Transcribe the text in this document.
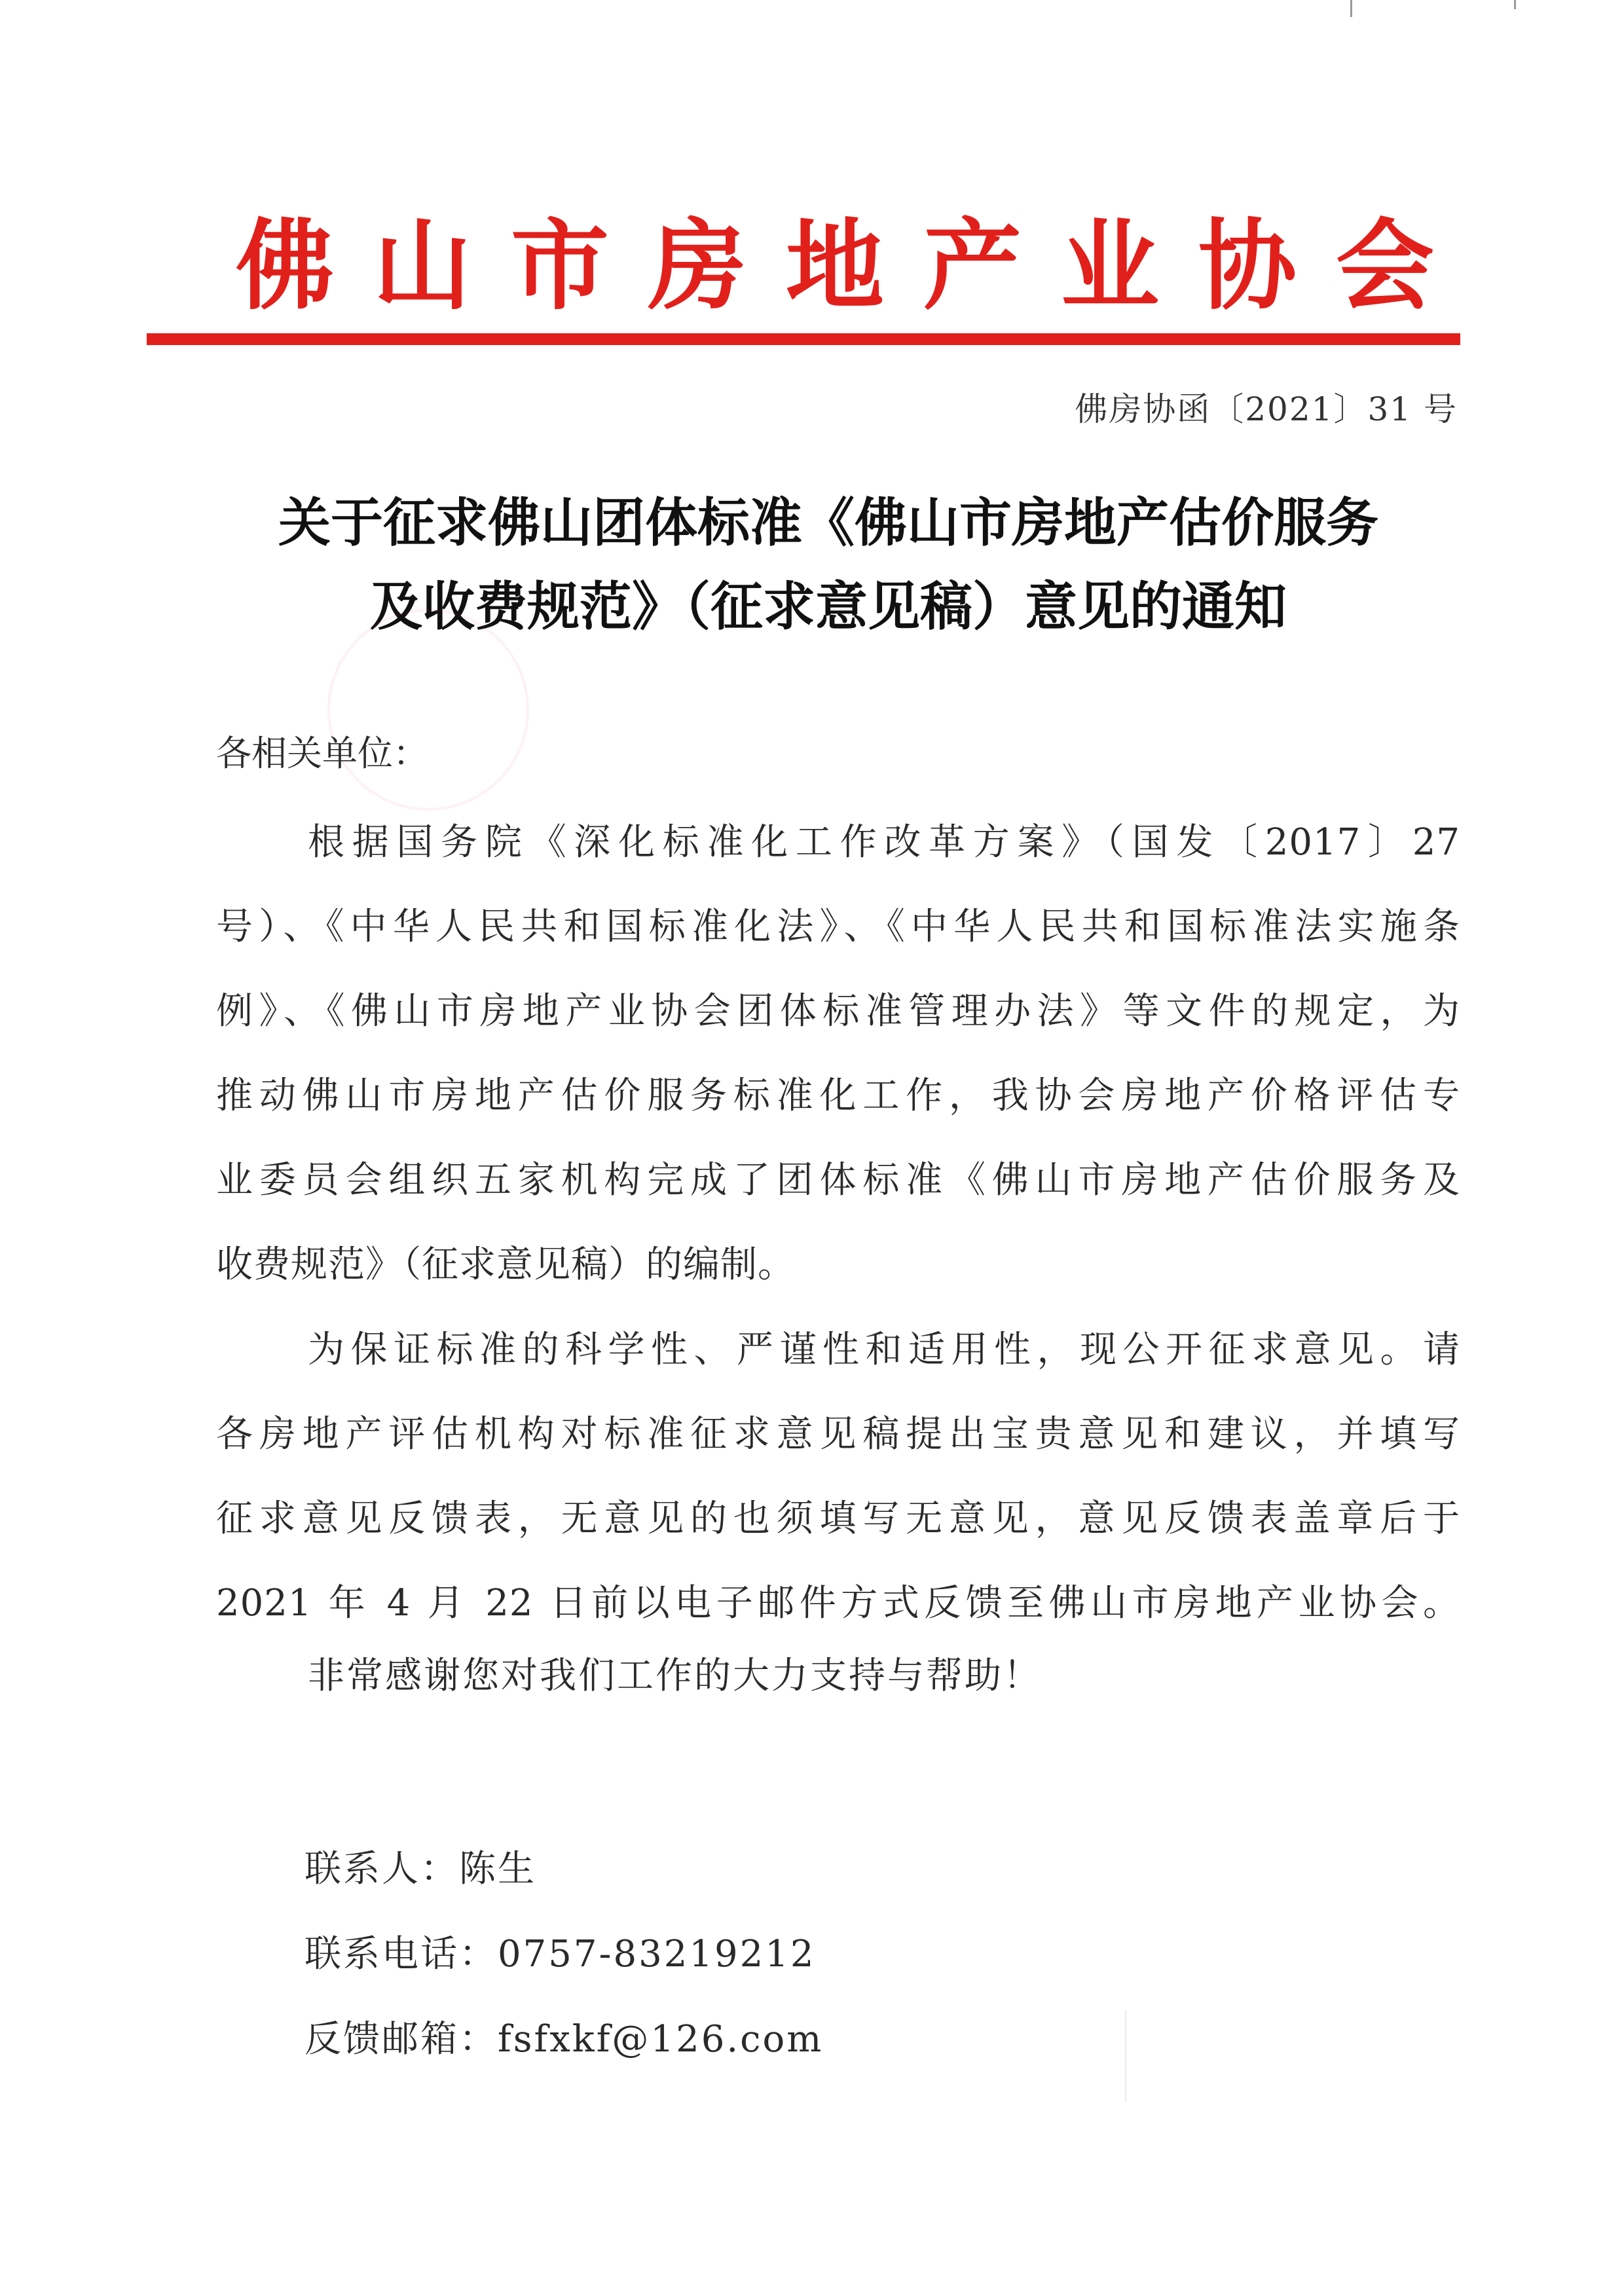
佛 山 市 房 地 产 业 协 会
佛房协函〔2021〕31 号
关于征求佛山团体标准《佛山市房地产估价服务
及收费规范》（征求意见稿）意见的通知
各相关单位：
根据国务院《深化标准化工作改革方案》（国发〔2017〕27
号）、《中华人民共和国标准化法》、《中华人民共和国标准法实施条
例》、《佛山市房地产业协会团体标准管理办法》等文件的规定，为
推动佛山市房地产估价服务标准化工作，我协会房地产价格评估专
业委员会组织五家机构完成了团体标准《佛山市房地产估价服务及
收费规范》（征求意见稿）的编制。
为保证标准的科学性、严谨性和适用性，现公开征求意见。请
各房地产评估机构对标准征求意见稿提出宝贵意见和建议，并填写
征求意见反馈表，无意见的也须填写无意见，意见反馈表盖章后于
2021 年 4 月 22 日前以电子邮件方式反馈至佛山市房地产业协会。
非常感谢您对我们工作的大力支持与帮助！
联系人：陈生
联系电话：0757-83219212
反馈邮箱：fsfxkf@126.com
